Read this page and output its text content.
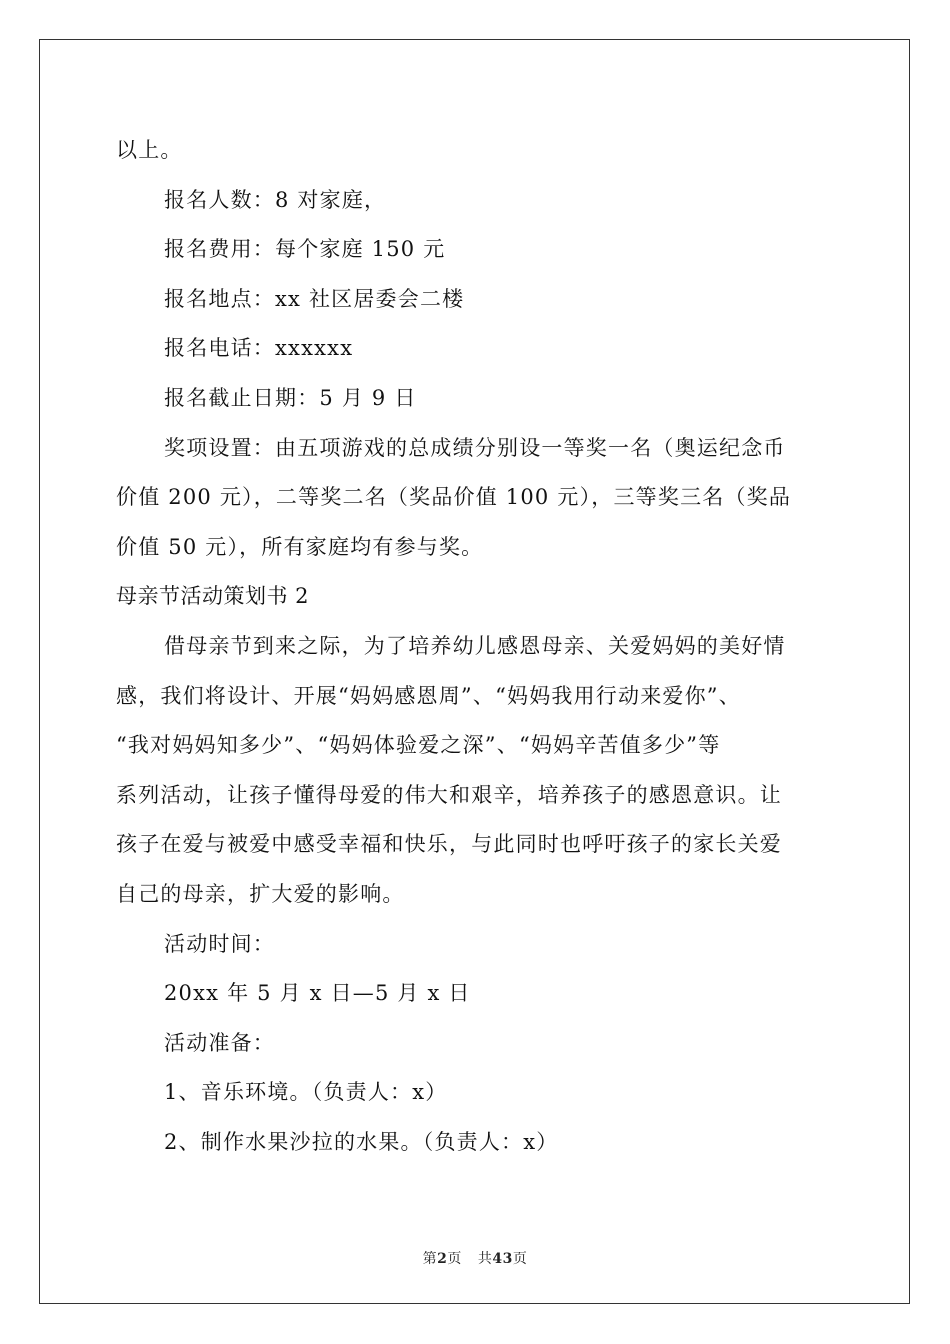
以上。
报名人数：8 对家庭，
报名费用：每个家庭 150 元
报名地点：xx 社区居委会二楼
报名电话：xxxxxx
报名截止日期：5 月 9 日
奖项设置：由五项游戏的总成绩分别设一等奖一名（奥运纪念币
价值 200 元），二等奖二名（奖品价值 100 元），三等奖三名（奖品
价值 50 元），所有家庭均有参与奖。
母亲节活动策划书 2
借母亲节到来之际，为了培养幼儿感恩母亲、关爱妈妈的美好情
感，我们将设计、开展“妈妈感恩周”、“妈妈我用行动来爱你”、
“我对妈妈知多少”、“妈妈体验爱之深”、“妈妈辛苦值多少”等
系列活动，让孩子懂得母爱的伟大和艰辛，培养孩子的感恩意识。让
孩子在爱与被爱中感受幸福和快乐，与此同时也呼吁孩子的家长关爱
自己的母亲，扩大爱的影响。
活动时间：
20xx 年 5 月 x 日—5 月 x 日
活动准备：
1、音乐环境。（负责人：x）
2、制作水果沙拉的水果。（负责人：x）
第2页 共43页
